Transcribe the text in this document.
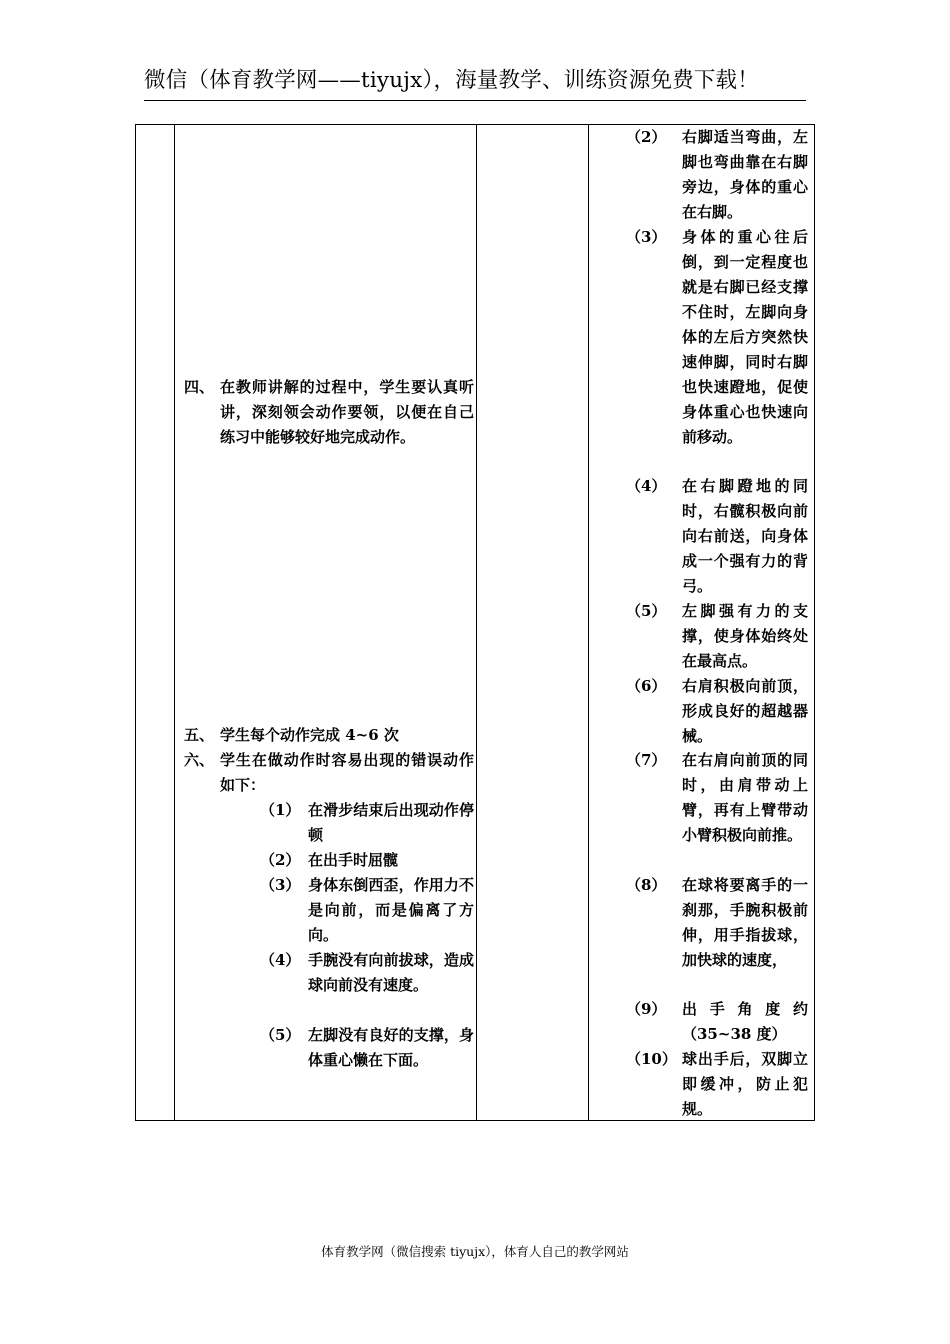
微信（体育教学网——tiyujx），海量教学、训练资源免费下载！
四、 在教师讲解的过程中，学生要认真听讲，深刻领会动作要领，以便在自己练习中能够较好地完成动作。
五、 学生每个动作完成 4~6 次
六、 学生在做动作时容易出现的错误动作如下：
（1） 在滑步结束后出现动作停顿
（2） 在出手时屈髋
（3） 身体东倒西歪，作用力不是向前，而是偏离了方向。
（4） 手腕没有向前拔球，造成球向前没有速度。
（5） 左脚没有良好的支撑，身体重心懒在下面。
（2）	右脚适当弯曲，左脚也弯曲靠在右脚旁边，身体的重心在右脚。
（3）	身体的重心往后倒，到一定程度也就是右脚已经支撑不住时，左脚向身体的左后方突然快速伸脚，同时右脚也快速蹬地，促使身体重心也快速向前移动。
（4）	在右脚蹬地的同时，右髋积极向前向右前送，向身体成一个强有力的背弓。
（5）	左脚强有力的支撑，使身体始终处在最高点。
（6）	右肩积极向前顶，形成良好的超越器械。
（7）	在右肩向前顶的同时，由肩带动上臂，再有上臂带动小臂积极向前推。
（8）	在球将要离手的一刹那，手腕积极前伸，用手指拔球，加快球的速度，
（9）	出手角度约（35~38 度）
（10） 球出手后，双脚立即缓冲，防止犯规。
体育教学网（微信搜索 tiyujx），体育人自己的教学网站
